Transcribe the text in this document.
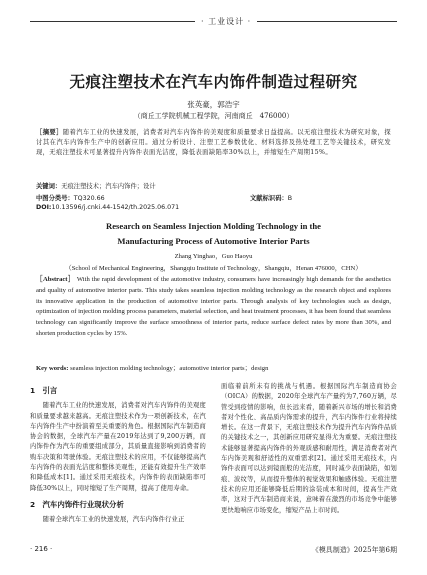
· 工业设计 ·
无痕注塑技术在汽车内饰件制造过程研究
张英豪，郭浩宇
（商丘工学院机械工程学院，河南商丘　476000）
［摘要］随着汽车工业的快速发展，消费者对汽车内饰件的美观度和质量要求日益提高。以无痕注塑技术为研究对象，探讨其在汽车内饰件生产中的创新应用。通过分析设计、注塑工艺参数优化、材料选择及热处理工艺等关键技术，研究发现，无痕注塑技术可显著提升内饰件表面光洁度，降低表面缺陷率30%以上，并缩短生产周期15%。
关键词：无痕注塑技术；汽车内饰件；设计
中图分类号：TQ320.66	文献标识码：B
DOI:10.13596/j.cnki.44-1542/th.2025.06.071
Research on Seamless Injection Molding Technology in the
Manufacturing Process of Automotive Interior Parts
Zhang Yinghao，Guo Haoyu
（School of Mechanical Engineering，Shangqiu Institute of Technology，Shangqiu，Henan 476000，CHN）
［Abstract］ With the rapid development of the automotive industry, consumers have increasingly high demands for the aesthetics and quality of automotive interior parts. This study takes seamless injection molding technology as the research object and explores its innovative application in the production of automotive interior parts. Through analysis of key technologies such as design, optimization of injection molding process parameters, material selection, and heat treatment processes, it has been found that seamless technology can significantly improve the surface smoothness of interior parts, reduce surface defect rates by more than 30%, and shorten production cycles by 15%.
Key words: seamless injection molding technology；automotive interior parts；design
1　引言

随着汽车工业的快速发展，消费者对汽车内饰件的美观度和质量要求越来越高。无痕注塑技术作为一项创新技术，在汽车内饰件生产中扮演着至关重要的角色。根据国际汽车制造商协会的数据，全球汽车产量在2019年达到了9,200万辆，而内饰件作为汽车的重要组成部分，其质量直接影响到消费者的购车决策和驾驶体验。无痕注塑技术的应用，不仅能够提高汽车内饰件的表面光洁度和整体美观性，还能有效提升生产效率和降低成本[1]。通过采用无痕技术，内饰件的表面缺陷率可降低30%以上，同时缩短了生产周期，提高了使用寿命。

2　汽车内饰件行业现状分析

随着全球汽车工业的快速发展，汽车内饰件行业正

面临着前所未有的挑战与机遇。根据国际汽车制造商协会（OICA）的数据，2020年全球汽车产量约为7,760万辆，尽管受到疫情的影响，但长远来看，随着新兴市场的增长和消费者对个性化、高品质内饰需求的提升，汽车内饰件行业将持续增长。在这一背景下，无痕注塑技术作为提升汽车内饰件品质的关键技术之一，其创新应用研究显得尤为重要。无痕注塑技术能够显著提高内饰件的外观质感和耐用性，满足消费者对汽车内饰美观和舒适性的双重需求[2]。通过采用无痕技术，内饰件表面可以达到镜面般的光洁度，同时减少表面缺陷，如划痕、波纹等，从而提升整体的视觉效果和触感体验。无痕注塑技术的应用还能够降低后期的涂装成本和时间，提高生产效率，这对于汽车制造商来说，意味着在激烈的市场竞争中能够更快地响应市场变化，缩短产品上市时间。

· 216 ·	《模具制造》2025年第6期
